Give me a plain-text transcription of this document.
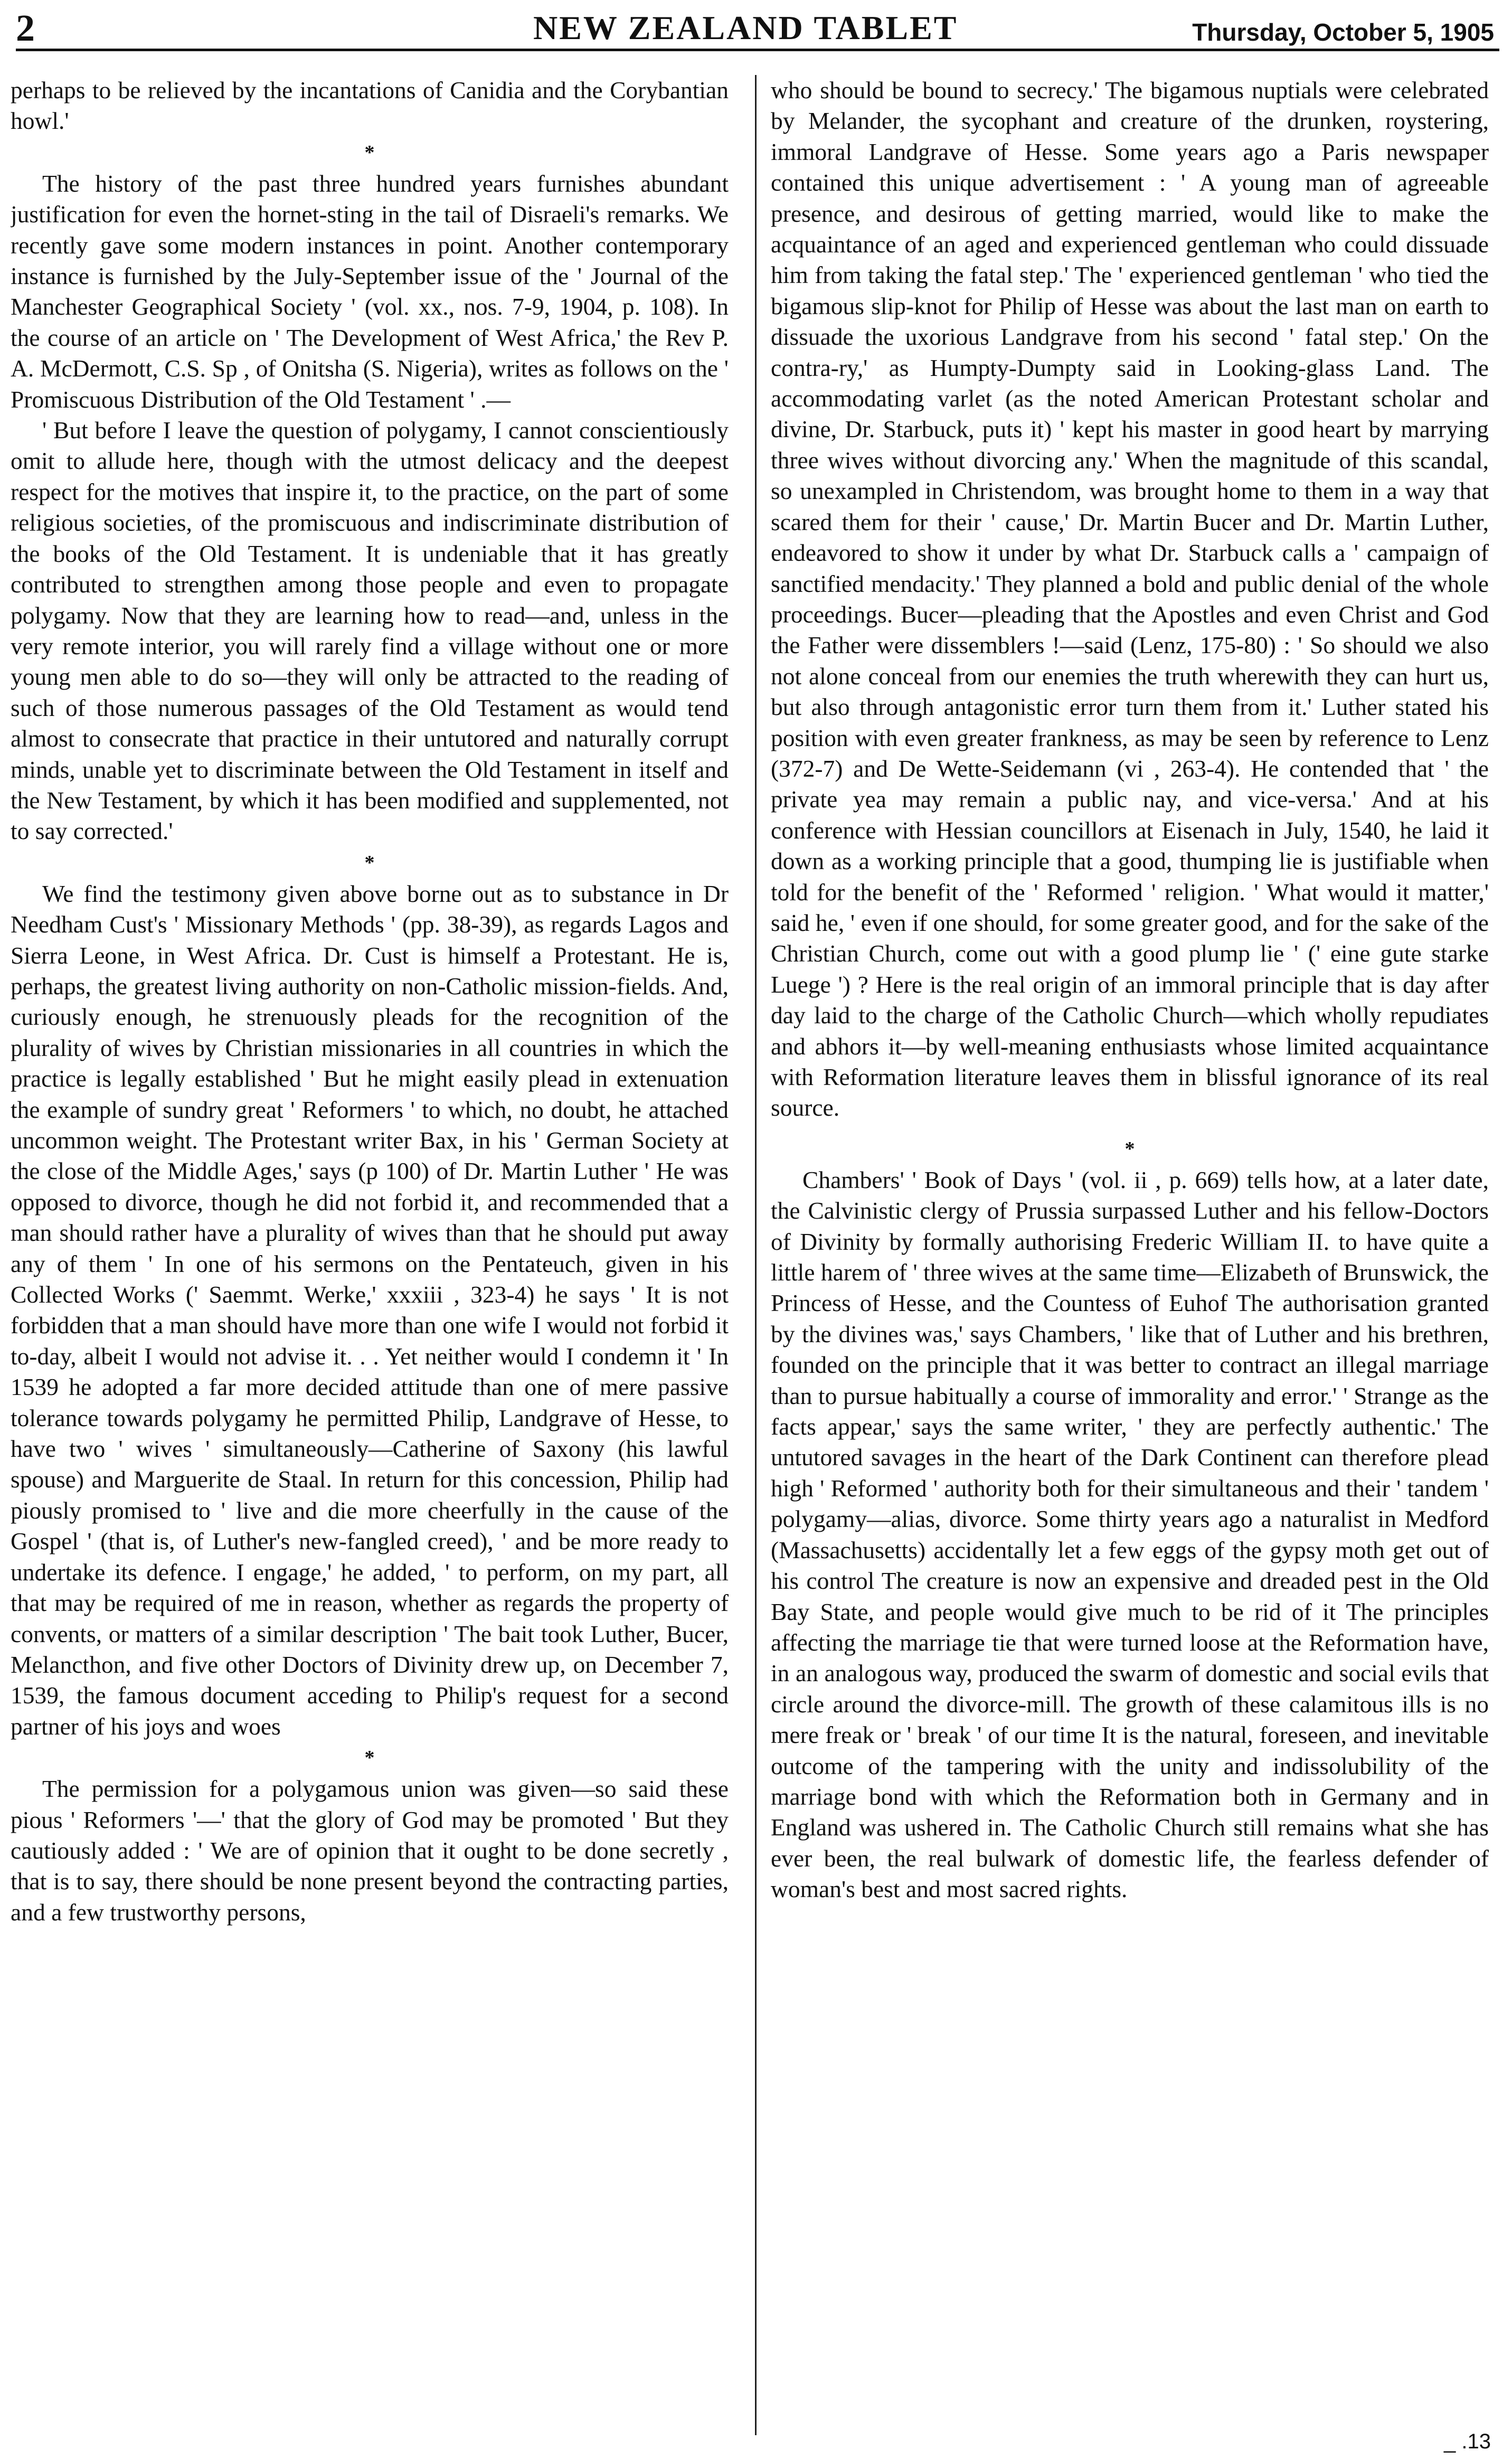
2	NEW ZEALAND TABLET	Thursday, October 5, 1905

perhaps to be relieved by the incantations of Canidia and the Corybantian howl.'

*

The history of the past three hundred years furnishes abundant justification for even the hornet-sting in the tail of Disraeli's remarks. We recently gave some modern instances in point. Another contemporary instance is furnished by the July-September issue of the ' Journal of the Manchester Geographical Society ' (vol. xx., nos. 7-9, 1904, p. 108). In the course of an article on ' The Development of West Africa,' the Rev P. A. McDermott, C.S. Sp , of Onitsha (S. Nigeria), writes as follows on the ' Promiscuous Distribution of the Old Testament ' .—

' But before I leave the question of polygamy, I cannot conscientiously omit to allude here, though with the utmost delicacy and the deepest respect for the motives that inspire it, to the practice, on the part of some religious societies, of the promiscuous and indiscriminate distribution of the books of the Old Testament. It is undeniable that it has greatly contributed to strengthen among those people and even to propagate polygamy. Now that they are learning how to read—and, unless in the very remote interior, you will rarely find a village without one or more young men able to do so—they will only be attracted to the reading of such of those numerous passages of the Old Testament as would tend almost to consecrate that practice in their untutored and naturally corrupt minds, unable yet to discriminate between the Old Testament in itself and the New Testament, by which it has been modified and supplemented, not to say corrected.'

*

We find the testimony given above borne out as to substance in Dr Needham Cust's ' Missionary Methods ' (pp. 38-39), as regards Lagos and Sierra Leone, in West Africa. Dr. Cust is himself a Protestant. He is, perhaps, the greatest living authority on non-Catholic mission-fields. And, curiously enough, he strenuously pleads for the recognition of the plurality of wives by Christian missionaries in all countries in which the practice is legally established ' But he might easily plead in extenuation the example of sundry great ' Reformers ' to which, no doubt, he attached uncommon weight. The Protestant writer Bax, in his ' German Society at the close of the Middle Ages,' says (p 100) of Dr. Martin Luther ' He was opposed to divorce, though he did not forbid it, and recommended that a man should rather have a plurality of wives than that he should put away any of them ' In one of his sermons on the Pentateuch, given in his Collected Works (' Saemmt. Werke,' xxxiii , 323-4) he says ' It is not forbidden that a man should have more than one wife I would not forbid it to-day, albeit I would not advise it. . . Yet neither would I condemn it ' In 1539 he adopted a far more decided attitude than one of mere passive tolerance towards polygamy he permitted Philip, Landgrave of Hesse, to have two ' wives ' simultaneously—Catherine of Saxony (his lawful spouse) and Marguerite de Staal. In return for this concession, Philip had piously promised to ' live and die more cheerfully in the cause of the Gospel ' (that is, of Luther's new-fangled creed), ' and be more ready to undertake its defence. I engage,' he added, ' to perform, on my part, all that may be required of me in reason, whether as regards the property of convents, or matters of a similar description ' The bait took Luther, Bucer, Melancthon, and five other Doctors of Divinity drew up, on December 7, 1539, the famous document acceding to Philip's request for a second partner of his joys and woes

*

The permission for a polygamous union was given—so said these pious ' Reformers '—' that the glory of God may be promoted ' But they cautiously added : ' We are of opinion that it ought to be done secretly , that is to say, there should be none present beyond the contracting parties, and a few trustworthy persons,

who should be bound to secrecy.' The bigamous nuptials were celebrated by Melander, the sycophant and creature of the drunken, roystering, immoral Landgrave of Hesse. Some years ago a Paris newspaper contained this unique advertisement : ' A young man of agreeable presence, and desirous of getting married, would like to make the acquaintance of an aged and experienced gentleman who could dissuade him from taking the fatal step.' The ' experienced gentleman ' who tied the bigamous slip-knot for Philip of Hesse was about the last man on earth to dissuade the uxorious Landgrave from his second ' fatal step.' On the contra-ry,' as Humpty-Dumpty said in Looking-glass Land. The accommodating varlet (as the noted American Protestant scholar and divine, Dr. Starbuck, puts it) ' kept his master in good heart by marrying three wives without divorcing any.' When the magnitude of this scandal, so unexampled in Christendom, was brought home to them in a way that scared them for their ' cause,' Dr. Martin Bucer and Dr. Martin Luther, endeavored to show it under by what Dr. Starbuck calls a ' campaign of sanctified mendacity.' They planned a bold and public denial of the whole proceedings. Bucer—pleading that the Apostles and even Christ and God the Father were dissemblers !—said (Lenz, 175-80) : ' So should we also not alone conceal from our enemies the truth wherewith they can hurt us, but also through antagonistic error turn them from it.' Luther stated his position with even greater frankness, as may be seen by reference to Lenz (372-7) and De Wette-Seidemann (vi , 263-4). He contended that ' the private yea may remain a public nay, and vice-versa.' And at his conference with Hessian councillors at Eisenach in July, 1540, he laid it down as a working principle that a good, thumping lie is justifiable when told for the benefit of the ' Reformed ' religion. ' What would it matter,' said he, ' even if one should, for some greater good, and for the sake of the Christian Church, come out with a good plump lie ' (' eine gute starke Luege ') ? Here is the real origin of an immoral principle that is day after day laid to the charge of the Catholic Church—which wholly repudiates and abhors it—by well-meaning enthusiasts whose limited acquaintance with Reformation literature leaves them in blissful ignorance of its real source.

*

Chambers' ' Book of Days ' (vol. ii , p. 669) tells how, at a later date, the Calvinistic clergy of Prussia surpassed Luther and his fellow-Doctors of Divinity by formally authorising Frederic William II. to have quite a little harem of ' three wives at the same time—Elizabeth of Brunswick, the Princess of Hesse, and the Countess of Euhof The authorisation granted by the divines was,' says Chambers, ' like that of Luther and his brethren, founded on the principle that it was better to contract an illegal marriage than to pursue habitually a course of immorality and error.' ' Strange as the facts appear,' says the same writer, ' they are perfectly authentic.' The untutored savages in the heart of the Dark Continent can therefore plead high ' Reformed ' authority both for their simultaneous and their ' tandem ' polygamy—alias, divorce. Some thirty years ago a naturalist in Medford (Massachusetts) accidentally let a few eggs of the gypsy moth get out of his control The creature is now an expensive and dreaded pest in the Old Bay State, and people would give much to be rid of it The principles affecting the marriage tie that were turned loose at the Reformation have, in an analogous way, produced the swarm of domestic and social evils that circle around the divorce-mill. The growth of these calamitous ills is no mere freak or ' break ' of our time It is the natural, foreseen, and inevitable outcome of the tampering with the unity and indissolubility of the marriage bond with which the Reformation both in Germany and in England was ushered in. The Catholic Church still remains what she has ever been, the real bulwark of domestic life, the fearless defender of woman's best and most sacred rights.

_ .13
